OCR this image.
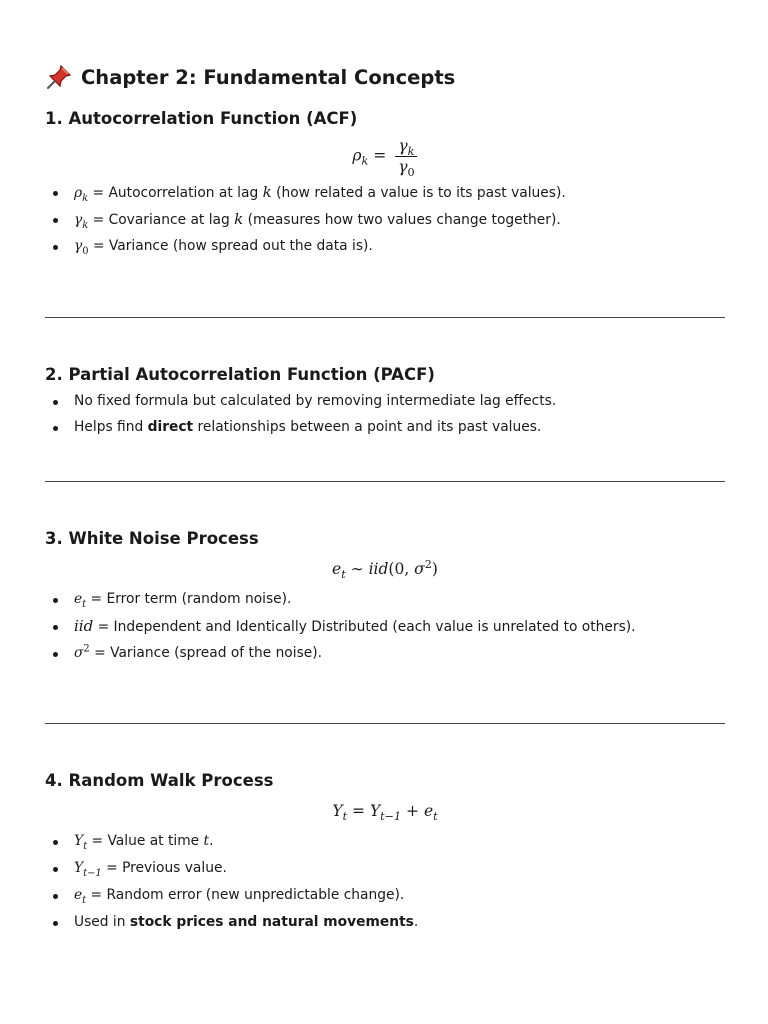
Chapter 2: Fundamental Concepts
1. Autocorrelation Function (ACF)
$\rho_k = \frac{\gamma_k}{\gamma_0}$
$\rho_k$ = Autocorrelation at lag k (how related a value is to its past values).
$\gamma_k$ = Covariance at lag k (measures how two values change together).
$\gamma_0$ = Variance (how spread out the data is).
2. Partial Autocorrelation Function (PACF)
No fixed formula but calculated by removing intermediate lag effects.
Helps find direct relationships between a point and its past values.
3. White Noise Process
$e_t$ ∼ iid(0, $\sigma^2$)
$e_t$ = Error term (random noise).
iid = Independent and Identically Distributed (each value is unrelated to others).
$\sigma^2$ = Variance (spread of the noise).
4. Random Walk Process
$Y_t = Y_{t-1} + e_t$
$Y_t$ = Value at time t.
$Y_{t-1}$ = Previous value.
$e_t$ = Random error (new unpredictable change).
Used in stock prices and natural movements.
